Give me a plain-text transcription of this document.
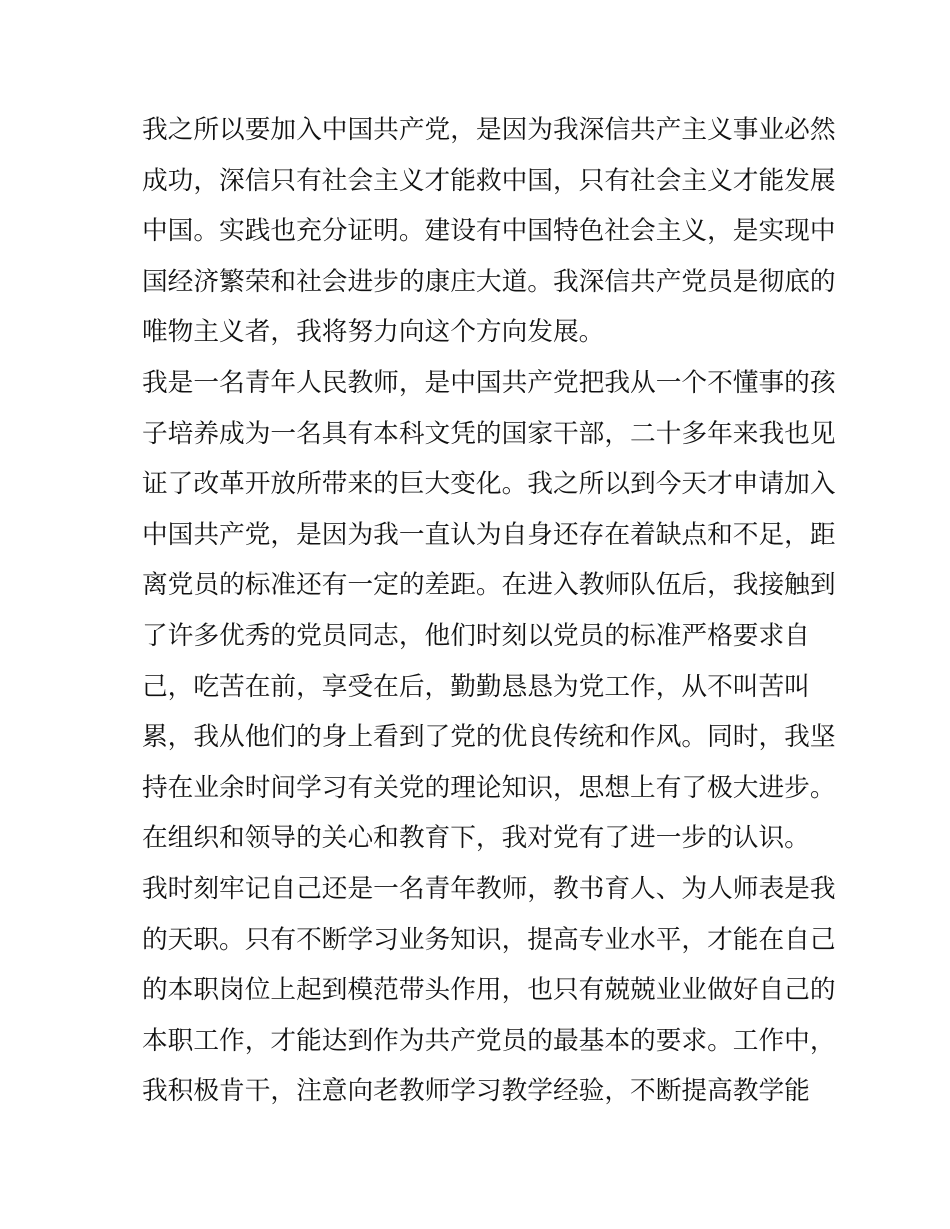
我之所以要加入中国共产党，是因为我深信共产主义事业必然
成功，深信只有社会主义才能救中国，只有社会主义才能发展
中国。实践也充分证明。建设有中国特色社会主义，是实现中
国经济繁荣和社会进步的康庄大道。我深信共产党员是彻底的
唯物主义者，我将努力向这个方向发展。
我是一名青年人民教师，是中国共产党把我从一个不懂事的孩
子培养成为一名具有本科文凭的国家干部，二十多年来我也见
证了改革开放所带来的巨大变化。我之所以到今天才申请加入
中国共产党，是因为我一直认为自身还存在着缺点和不足，距
离党员的标准还有一定的差距。在进入教师队伍后，我接触到
了许多优秀的党员同志，他们时刻以党员的标准严格要求自
己，吃苦在前，享受在后，勤勤恳恳为党工作，从不叫苦叫
累，我从他们的身上看到了党的优良传统和作风。同时，我坚
持在业余时间学习有关党的理论知识，思想上有了极大进步。
在组织和领导的关心和教育下，我对党有了进一步的认识。
我时刻牢记自己还是一名青年教师，教书育人、为人师表是我
的天职。只有不断学习业务知识，提高专业水平，才能在自己
的本职岗位上起到模范带头作用，也只有兢兢业业做好自己的
本职工作，才能达到作为共产党员的最基本的要求。工作中，
我积极肯干，注意向老教师学习教学经验，不断提高教学能
